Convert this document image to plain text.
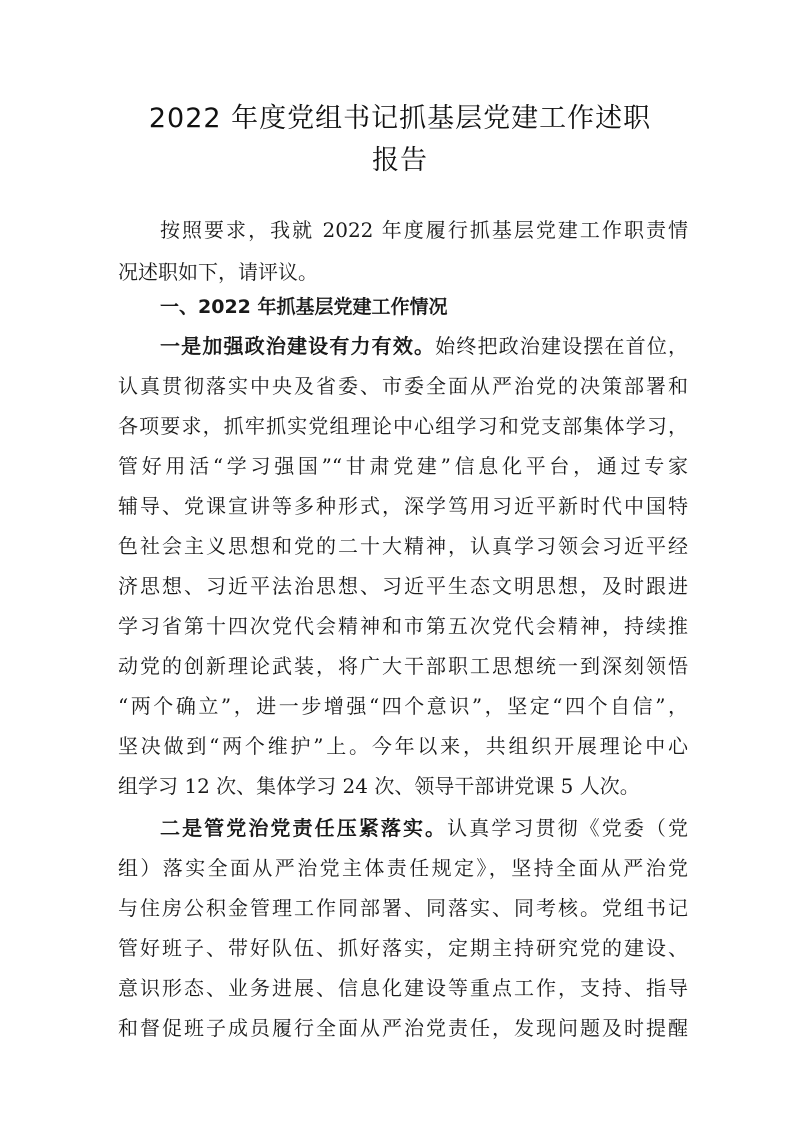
2022 年度党组书记抓基层党建工作述职
报告
按照要求，我就 2022 年度履行抓基层党建工作职责情
况述职如下，请评议。
一、2022 年抓基层党建工作情况
一是加强政治建设有力有效。始终把政治建设摆在首位，
认真贯彻落实中央及省委、市委全面从严治党的决策部署和
各项要求，抓牢抓实党组理论中心组学习和党支部集体学习，
管好用活“学习强国”“甘肃党建”信息化平台，通过专家
辅导、党课宣讲等多种形式，深学笃用习近平新时代中国特
色社会主义思想和党的二十大精神，认真学习领会习近平经
济思想、习近平法治思想、习近平生态文明思想，及时跟进
学习省第十四次党代会精神和市第五次党代会精神，持续推
动党的创新理论武装，将广大干部职工思想统一到深刻领悟
“两个确立”，进一步增强“四个意识”，坚定“四个自信”，
坚决做到“两个维护”上。今年以来，共组织开展理论中心
组学习 12 次、集体学习 24 次、领导干部讲党课 5 人次。
二是管党治党责任压紧落实。认真学习贯彻《党委（党
组）落实全面从严治党主体责任规定》，坚持全面从严治党
与住房公积金管理工作同部署、同落实、同考核。党组书记
管好班子、带好队伍、抓好落实，定期主持研究党的建设、
意识形态、业务进展、信息化建设等重点工作，支持、指导
和督促班子成员履行全面从严治党责任，发现问题及时提醒
